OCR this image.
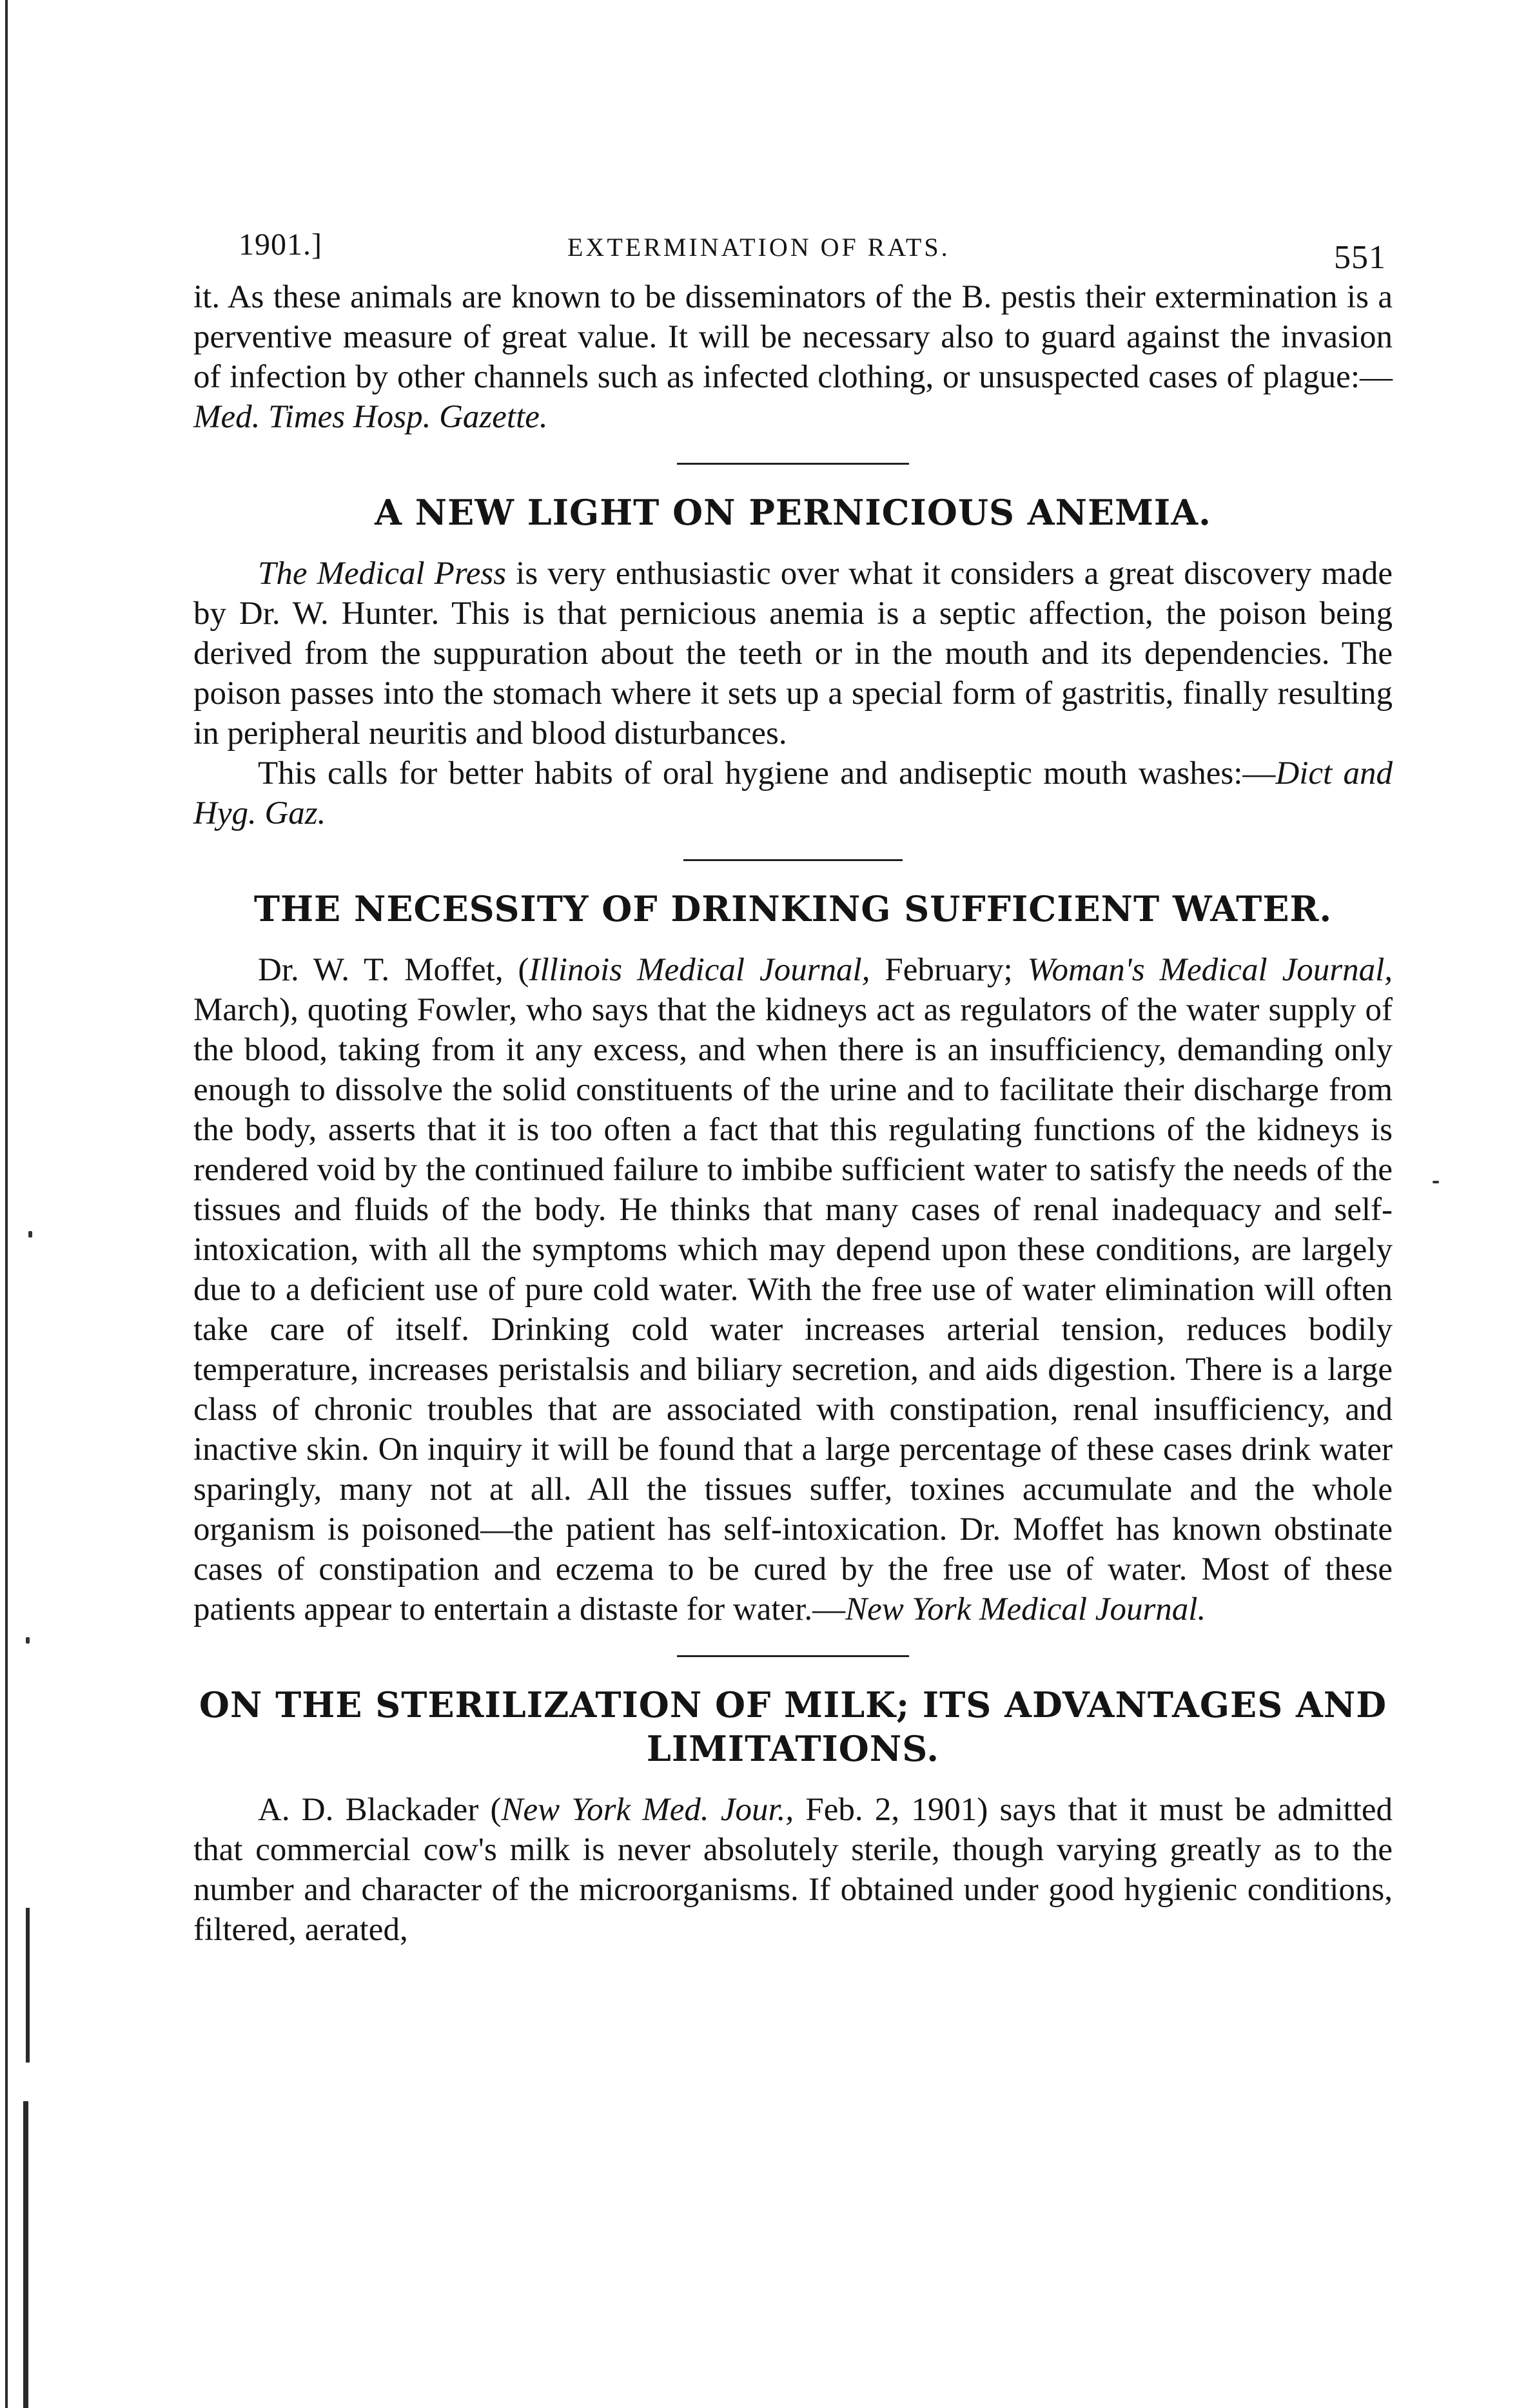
1901.]	EXTERMINATION OF RATS.	551

it. As these animals are known to be disseminators of the B. pestis their extermination is a perventive measure of great value. It will be necessary also to guard against the invasion of infection by other channels such as infected clothing, or unsuspected cases of plague:—Med. Times Hosp. Gazette.

A NEW LIGHT ON PERNICIOUS ANEMIA.

The Medical Press is very enthusiastic over what it considers a great discovery made by Dr. W. Hunter. This is that pernicious anemia is a septic affection, the poison being derived from the suppuration about the teeth or in the mouth and its dependencies. The poison passes into the stomach where it sets up a special form of gastritis, finally resulting in peripheral neuritis and blood disturbances.

This calls for better habits of oral hygiene and andiseptic mouth washes:—Dict and Hyg. Gaz.

THE NECESSITY OF DRINKING SUFFICIENT WATER.

Dr. W. T. Moffet, (Illinois Medical Journal, February; Woman's Medical Journal, March), quoting Fowler, who says that the kidneys act as regulators of the water supply of the blood, taking from it any excess, and when there is an insufficiency, demanding only enough to dissolve the solid constituents of the urine and to facilitate their discharge from the body, asserts that it is too often a fact that this regulating functions of the kidneys is rendered void by the continued failure to imbibe sufficient water to satisfy the needs of the tissues and fluids of the body. He thinks that many cases of renal inadequacy and self-intoxication, with all the symptoms which may depend upon these conditions, are largely due to a deficient use of pure cold water. With the free use of water elimination will often take care of itself. Drinking cold water increases arterial tension, reduces bodily temperature, increases peristalsis and biliary secretion, and aids digestion. There is a large class of chronic troubles that are associated with constipation, renal insufficiency, and inactive skin. On inquiry it will be found that a large percentage of these cases drink water sparingly, many not at all. All the tissues suffer, toxines accumulate and the whole organism is poisoned—the patient has self-intoxication. Dr. Moffet has known obstinate cases of constipation and eczema to be cured by the free use of water. Most of these patients appear to entertain a distaste for water.—New York Medical Journal.

ON THE STERILIZATION OF MILK; ITS ADVANTAGES AND LIMITATIONS.

A. D. Blackader (New York Med. Jour., Feb. 2, 1901) says that it must be admitted that commercial cow's milk is never absolutely sterile, though varying greatly as to the number and character of the microorganisms. If obtained under good hygienic conditions, filtered, aerated,
